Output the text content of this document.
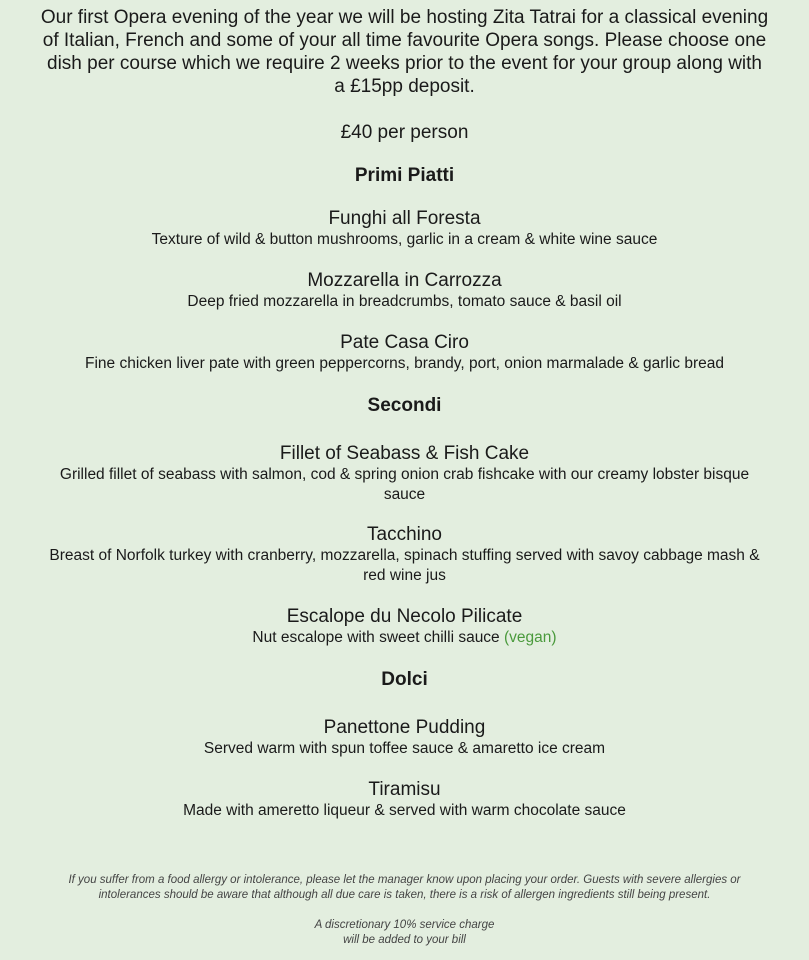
Our first Opera evening of the year we will be hosting Zita Tatrai for a classical evening of Italian, French and some of your all time favourite Opera songs. Please choose one dish per course which we require 2 weeks prior to the event for your group along with a £15pp deposit.
£40 per person
Primi Piatti
Funghi all Foresta
Texture of wild & button mushrooms, garlic in a cream & white wine sauce
Mozzarella in Carrozza
Deep fried mozzarella in breadcrumbs, tomato sauce & basil oil
Pate Casa Ciro
Fine chicken liver pate with green peppercorns, brandy, port, onion marmalade & garlic bread
Secondi
Fillet of Seabass & Fish Cake
Grilled fillet of seabass with salmon, cod & spring onion crab fishcake with our creamy lobster bisque sauce
Tacchino
Breast of Norfolk turkey with cranberry, mozzarella, spinach stuffing served with savoy cabbage mash & red wine jus
Escalope du Necolo Pilicate
Nut escalope with sweet chilli sauce (vegan)
Dolci
Panettone Pudding
Served warm with spun toffee sauce & amaretto ice cream
Tiramisu
Made with ameretto liqueur & served with warm chocolate sauce
If you suffer from a food allergy or intolerance, please let the manager know upon placing your order. Guests with severe allergies or intolerances should be aware that although all due care is taken, there is a risk of allergen ingredients still being present.
A discretionary 10% service charge
will be added to your bill
